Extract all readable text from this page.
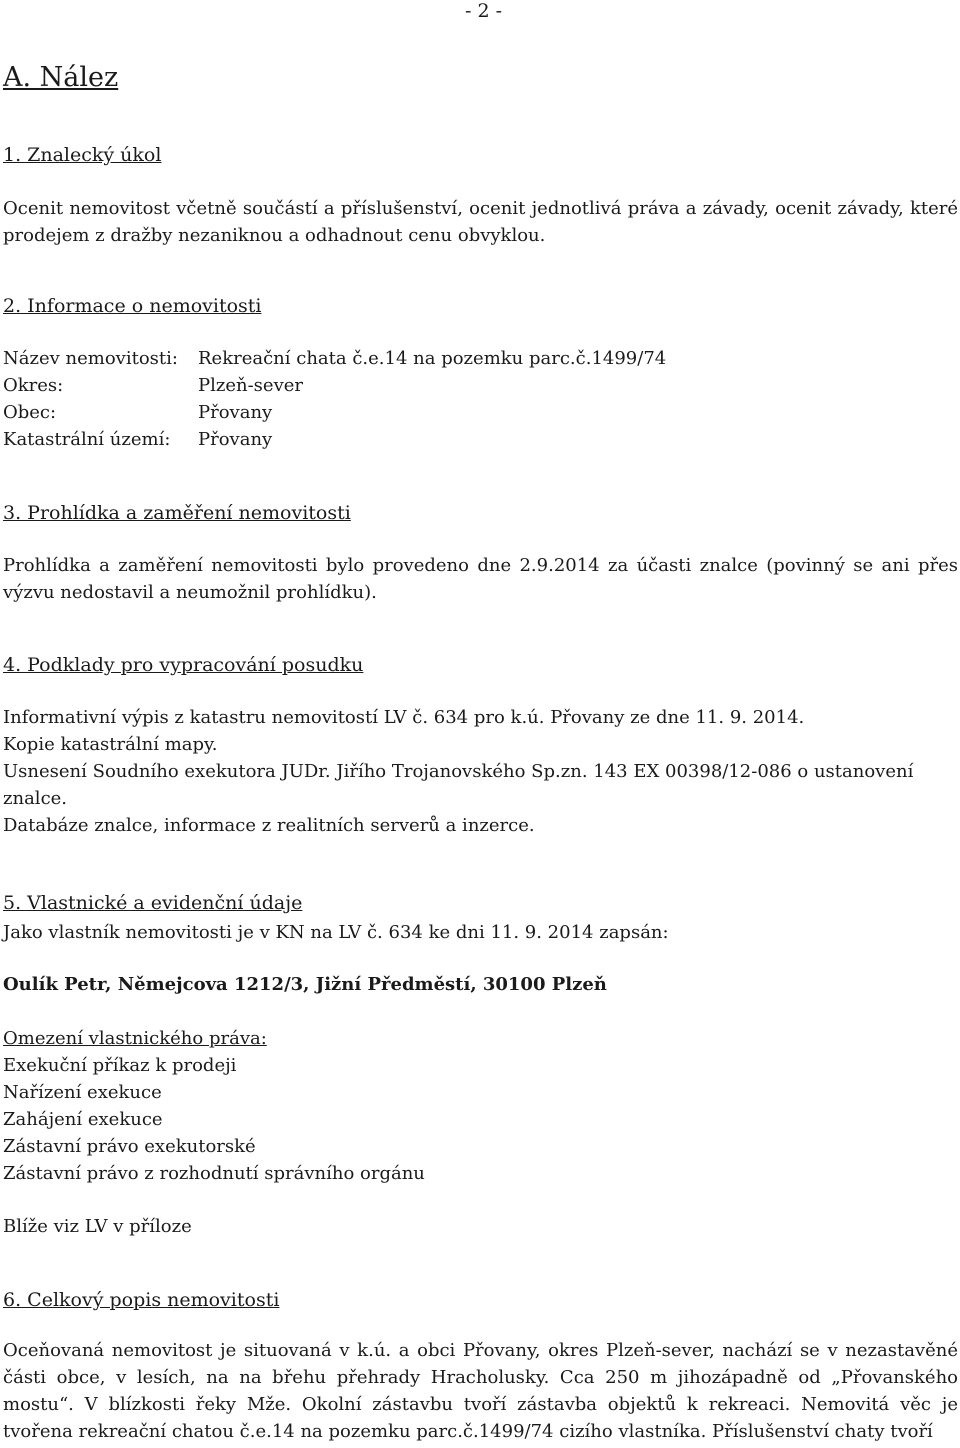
- 2 -
A. Nález
1. Znalecký úkol
Ocenit nemovitost včetně součástí a příslušenství, ocenit jednotlivá práva a závady, ocenit závady, které prodejem z dražby nezaniknou a odhadnout cenu obvyklou.
2. Informace o nemovitosti
Název nemovitosti:	Rekreační chata č.e.14 na pozemku parc.č.1499/74
Okres:	Plzeň-sever
Obec:	Přovany
Katastrální území:	Přovany
3. Prohlídka a zaměření nemovitosti
Prohlídka a zaměření nemovitosti bylo provedeno dne 2.9.2014 za účasti znalce (povinný se ani přes výzvu nedostavil a neumožnil prohlídku).
4. Podklady pro vypracování posudku
Informativní výpis z katastru nemovitostí LV č. 634 pro k.ú. Přovany ze dne 11. 9. 2014.
Kopie katastrální mapy.
Usnesení Soudního exekutora JUDr. Jiřího Trojanovského Sp.zn. 143 EX 00398/12-086 o ustanovení znalce.
Databáze znalce, informace z realitních serverů a inzerce.
5. Vlastnické a evidenční údaje
Jako vlastník nemovitosti je v KN na LV č. 634 ke dni 11. 9. 2014 zapsán:
Oulík Petr, Němejcova 1212/3, Jižní Předměstí, 30100 Plzeň
Omezení vlastnického práva:
Exekuční příkaz k prodeji
Nařízení exekuce
Zahájení exekuce
Zástavní právo exekutorské
Zástavní právo z rozhodnutí správního orgánu
Blíže viz LV v příloze
6. Celkový popis nemovitosti
Oceňovaná nemovitost je situovaná v k.ú. a obci Přovany, okres Plzeň-sever, nachází se v nezastavěné části obce, v lesích, na na břehu přehrady Hracholusky. Cca 250 m jihozápadně od „Přovanského mostu“. V blízkosti řeky Mže. Okolní zástavbu tvoří zástavba objektů k rekreaci. Nemovitá věc je tvořena rekreační chatou č.e.14 na pozemku parc.č.1499/74 cizího vlastníka. Příslušenství chaty tvoří
